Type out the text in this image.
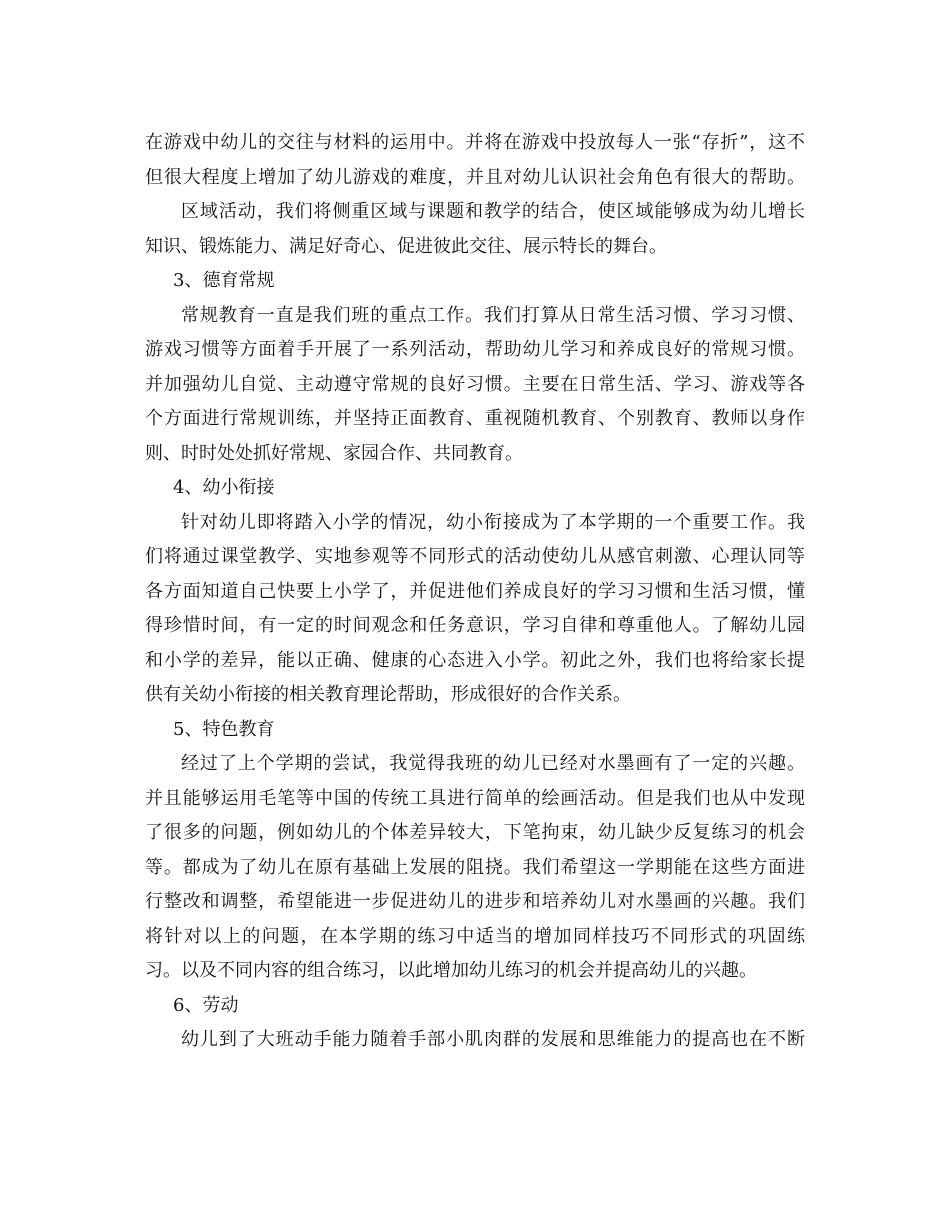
在游戏中幼儿的交往与材料的运用中。并将在游戏中投放每人一张“存折”，这不
但很大程度上增加了幼儿游戏的难度，并且对幼儿认识社会角色有很大的帮助。
区域活动，我们将侧重区域与课题和教学的结合，使区域能够成为幼儿增长
知识、锻炼能力、满足好奇心、促进彼此交往、展示特长的舞台。
3、德育常规
常规教育一直是我们班的重点工作。我们打算从日常生活习惯、学习习惯、
游戏习惯等方面着手开展了一系列活动，帮助幼儿学习和养成良好的常规习惯。
并加强幼儿自觉、主动遵守常规的良好习惯。主要在日常生活、学习、游戏等各
个方面进行常规训练，并坚持正面教育、重视随机教育、个别教育、教师以身作
则、时时处处抓好常规、家园合作、共同教育。
4、幼小衔接
针对幼儿即将踏入小学的情况，幼小衔接成为了本学期的一个重要工作。我
们将通过课堂教学、实地参观等不同形式的活动使幼儿从感官刺激、心理认同等
各方面知道自己快要上小学了，并促进他们养成良好的学习习惯和生活习惯，懂
得珍惜时间，有一定的时间观念和任务意识，学习自律和尊重他人。了解幼儿园
和小学的差异，能以正确、健康的心态进入小学。初此之外，我们也将给家长提
供有关幼小衔接的相关教育理论帮助，形成很好的合作关系。
5、特色教育
经过了上个学期的尝试，我觉得我班的幼儿已经对水墨画有了一定的兴趣。
并且能够运用毛笔等中国的传统工具进行简单的绘画活动。但是我们也从中发现
了很多的问题，例如幼儿的个体差异较大，下笔拘束，幼儿缺少反复练习的机会
等。都成为了幼儿在原有基础上发展的阻挠。我们希望这一学期能在这些方面进
行整改和调整，希望能进一步促进幼儿的进步和培养幼儿对水墨画的兴趣。我们
将针对以上的问题，在本学期的练习中适当的增加同样技巧不同形式的巩固练
习。以及不同内容的组合练习，以此增加幼儿练习的机会并提高幼儿的兴趣。
6、劳动
幼儿到了大班动手能力随着手部小肌肉群的发展和思维能力的提高也在不断
